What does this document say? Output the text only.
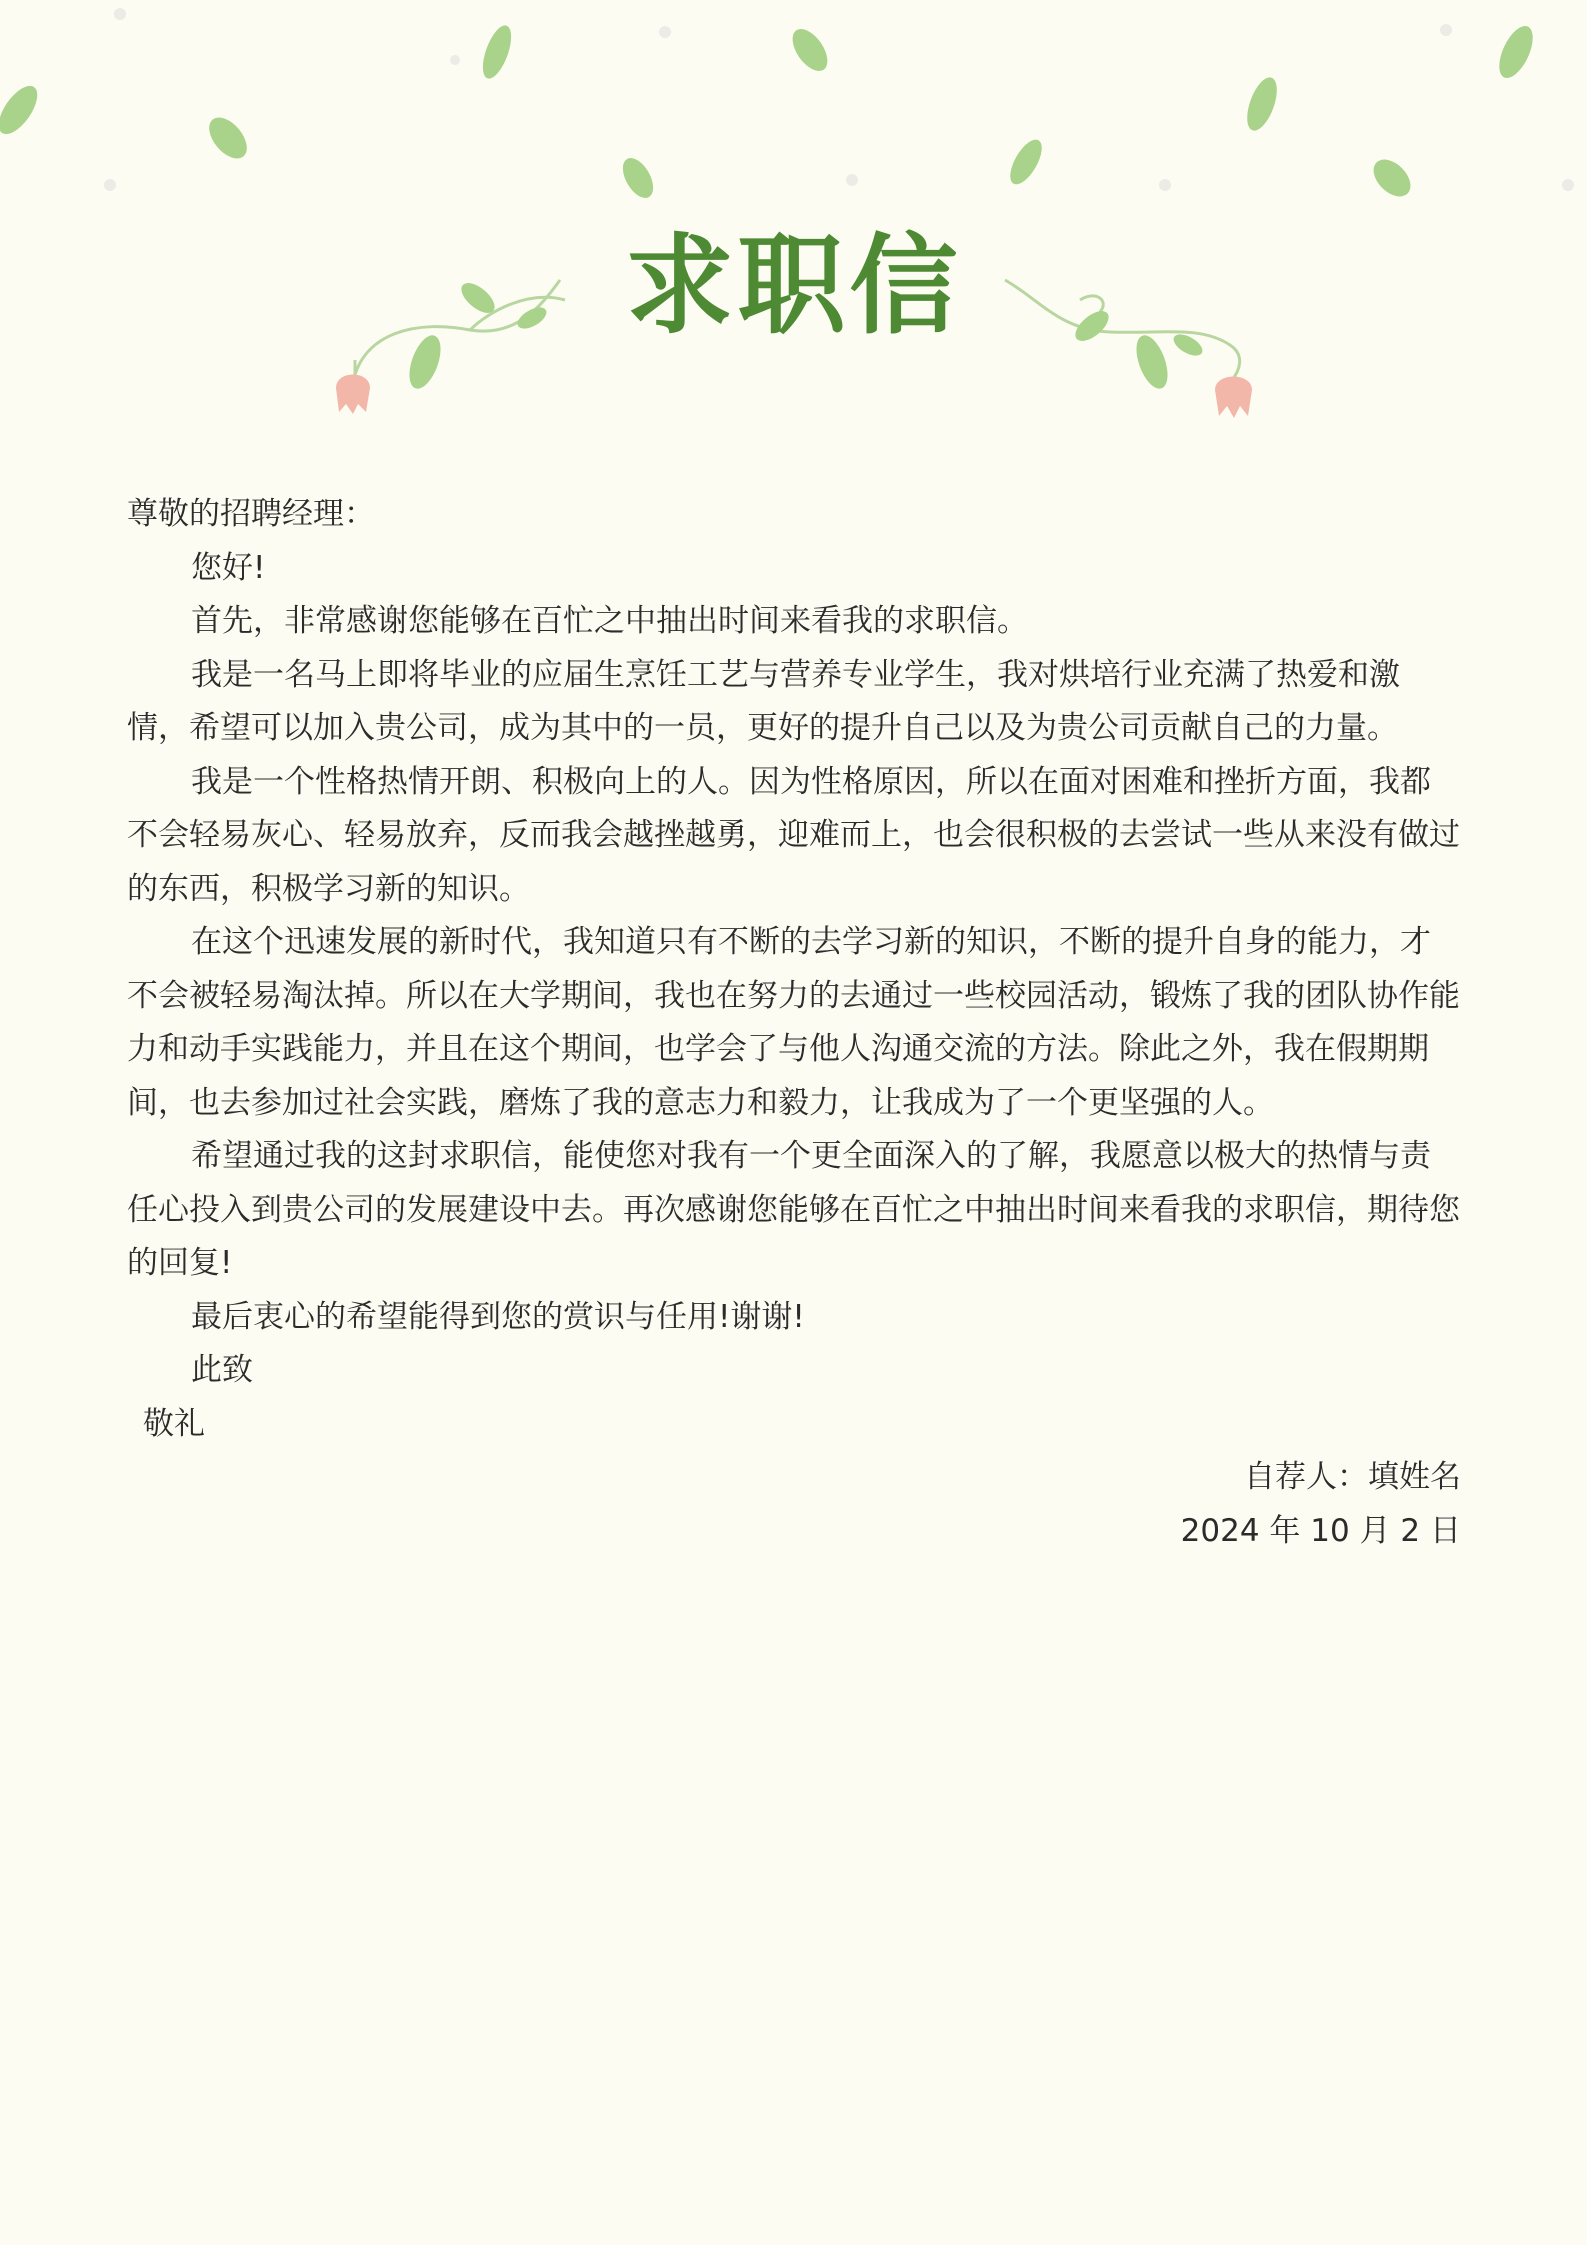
求职信

尊敬的招聘经理：

您好!

首先，非常感谢您能够在百忙之中抽出时间来看我的求职信。

我是一名马上即将毕业的应届生烹饪工艺与营养专业学生，我对烘培行业充满了热爱和激情，希望可以加入贵公司，成为其中的一员，更好的提升自己以及为贵公司贡献自己的力量。

我是一个性格热情开朗、积极向上的人。因为性格原因，所以在面对困难和挫折方面，我都不会轻易灰心、轻易放弃，反而我会越挫越勇，迎难而上，也会很积极的去尝试一些从来没有做过的东西，积极学习新的知识。

在这个迅速发展的新时代，我知道只有不断的去学习新的知识，不断的提升自身的能力，才不会被轻易淘汰掉。所以在大学期间，我也在努力的去通过一些校园活动，锻炼了我的团队协作能力和动手实践能力，并且在这个期间，也学会了与他人沟通交流的方法。除此之外，我在假期期间，也去参加过社会实践，磨炼了我的意志力和毅力，让我成为了一个更坚强的人。

希望通过我的这封求职信，能使您对我有一个更全面深入的了解，我愿意以极大的热情与责任心投入到贵公司的发展建设中去。再次感谢您能够在百忙之中抽出时间来看我的求职信，期待您的回复!

最后衷心的希望能得到您的赏识与任用!谢谢!

此致

敬礼

自荐人：填姓名

2024 年 10 月 2 日
